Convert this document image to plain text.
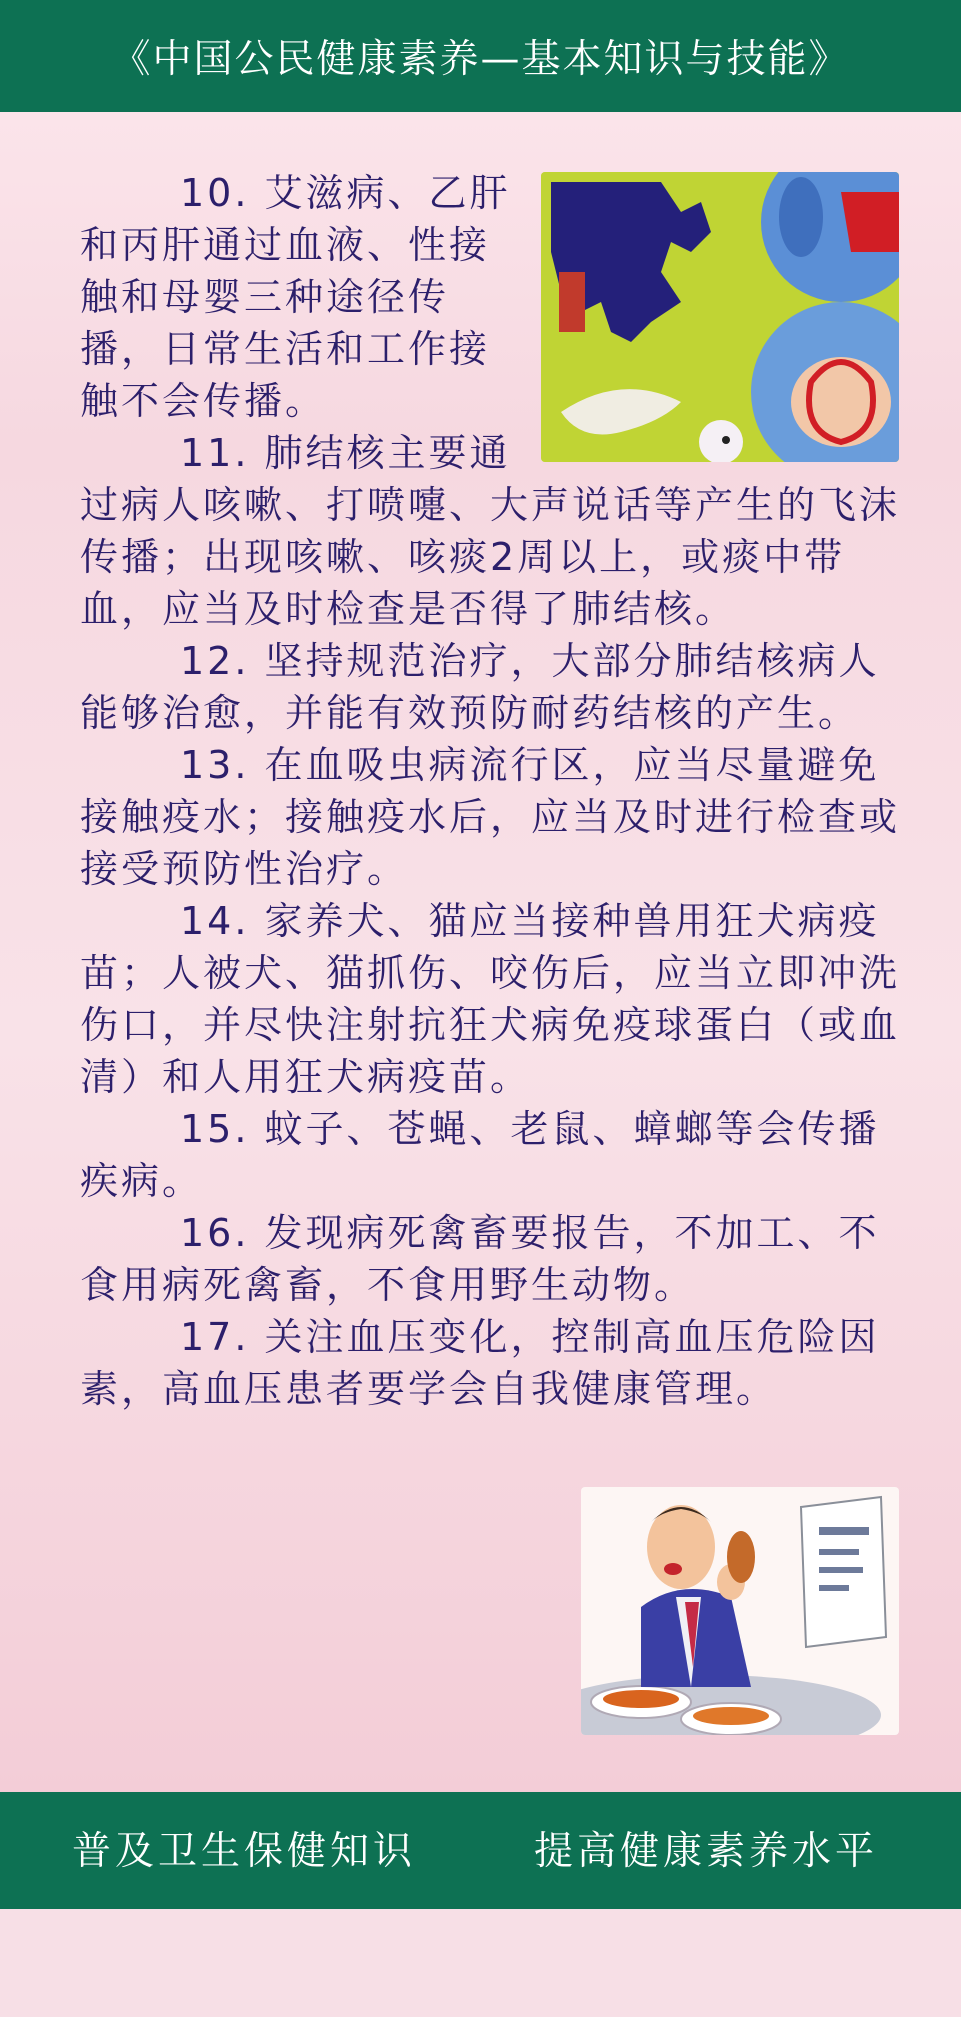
《中国公民健康素养—基本知识与技能》

10. 艾滋病、乙肝和丙肝通过血液、性接触和母婴三种途径传播，日常生活和工作接触不会传播。

11. 肺结核主要通过病人咳嗽、打喷嚏、大声说话等产生的飞沫传播；出现咳嗽、咳痰2周以上，或痰中带血，应当及时检查是否得了肺结核。

12. 坚持规范治疗，大部分肺结核病人能够治愈，并能有效预防耐药结核的产生。

13. 在血吸虫病流行区，应当尽量避免接触疫水；接触疫水后，应当及时进行检查或接受预防性治疗。

14. 家养犬、猫应当接种兽用狂犬病疫苗；人被犬、猫抓伤、咬伤后，应当立即冲洗伤口，并尽快注射抗狂犬病免疫球蛋白（或血清）和人用狂犬病疫苗。

15. 蚊子、苍蝇、老鼠、蟑螂等会传播疾病。

16. 发现病死禽畜要报告，不加工、不食用病死禽畜，不食用野生动物。

17. 关注血压变化，控制高血压危险因素，高血压患者要学会自我健康管理。

普及卫生保健知识	提高健康素养水平
